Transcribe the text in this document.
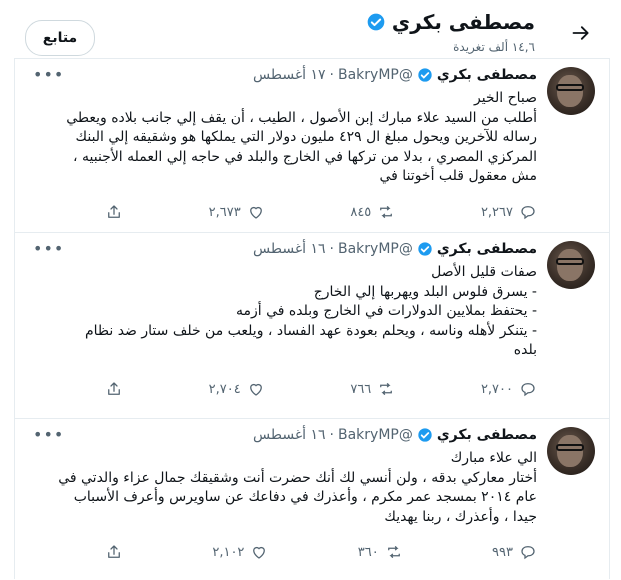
مصطفى بكري
١٤,٦ ألف تغريدة
متابع
مصطفى بكري
@BakryMP
·
١٧ أغسطس
•••
صباح الخير
أطلب من السيد علاء مبارك إبن الأصول ، الطيب ، أن يقف إلي جانب بلاده ويعطي
رساله للآخرين ويحول مبلغ ال ٤٢٩ مليون دولار التي يملكها هو وشقيقه إلي البنك
المركزي المصري ، بدلا من تركها في الخارج والبلد في حاجه إلي العمله الأجنبيه ،
مش معقول قلب أخوتنا في
٢,٢٦٧
٨٤٥
٢,٦٧٣
مصطفى بكري
@BakryMP
·
١٦ أغسطس
•••
صفات قليل الأصل
- يسرق فلوس البلد ويهربها إلي الخارج
- يحتفظ بملايين الدولارات في الخارج وبلده في أزمه
- يتنكر لأهله وناسه ، ويحلم بعودة عهد الفساد ، ويلعب من خلف ستار ضد نظام
بلده
٢,٧٠٠
٧٦٦
٢,٧٠٤
مصطفى بكري
@BakryMP
·
١٦ أغسطس
•••
الي علاء مبارك
أختار معاركي بدقه ، ولن أنسي لك أنك حضرت أنت وشقيقك جمال عزاء والدتي في
عام ٢٠١٤ بمسجد عمر مكرم ، وأعذرك في دفاعك عن ساويرس وأعرف الأسباب
جيدا ، وأعذرك ، ربنا يهديك
٩٩٣
٣٦٠
٢,١٠٢
